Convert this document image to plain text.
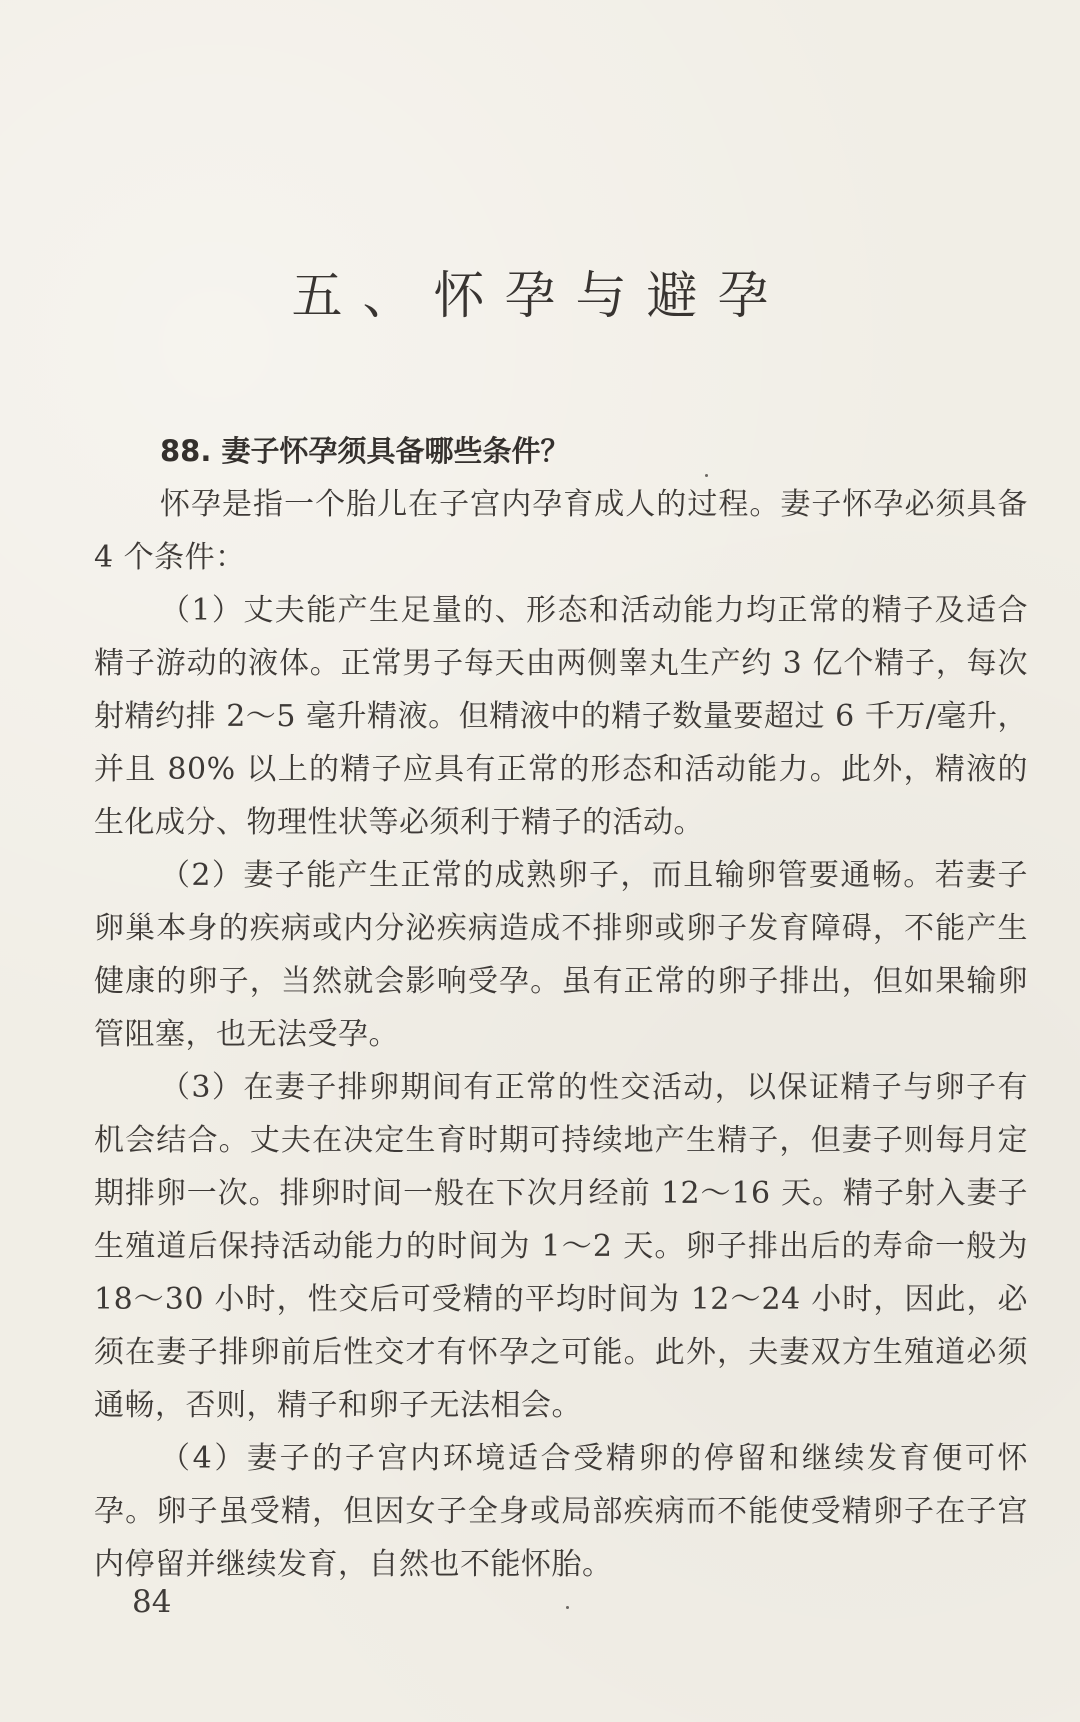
五、怀孕与避孕
88. 妻子怀孕须具备哪些条件？

怀孕是指一个胎儿在子宫内孕育成人的过程。妻子怀孕必须具备 4 个条件：

（1）丈夫能产生足量的、形态和活动能力均正常的精子及适合精子游动的液体。正常男子每天由两侧睾丸生产约 3 亿个精子，每次射精约排 2～5 毫升精液。但精液中的精子数量要超过 6 千万/毫升，并且 80% 以上的精子应具有正常的形态和活动能力。此外，精液的生化成分、物理性状等必须利于精子的活动。

（2）妻子能产生正常的成熟卵子，而且输卵管要通畅。若妻子卵巢本身的疾病或内分泌疾病造成不排卵或卵子发育障碍，不能产生健康的卵子，当然就会影响受孕。虽有正常的卵子排出，但如果输卵管阻塞，也无法受孕。

（3）在妻子排卵期间有正常的性交活动，以保证精子与卵子有机会结合。丈夫在决定生育时期可持续地产生精子，但妻子则每月定期排卵一次。排卵时间一般在下次月经前 12～16 天。精子射入妻子生殖道后保持活动能力的时间为 1～2 天。卵子排出后的寿命一般为 18～30 小时，性交后可受精的平均时间为 12～24 小时，因此，必须在妻子排卵前后性交才有怀孕之可能。此外，夫妻双方生殖道必须通畅，否则，精子和卵子无法相会。

（4）妻子的子宫内环境适合受精卵的停留和继续发育便可怀孕。卵子虽受精，但因女子全身或局部疾病而不能使受精卵子在子宫内停留并继续发育，自然也不能怀胎。

84
